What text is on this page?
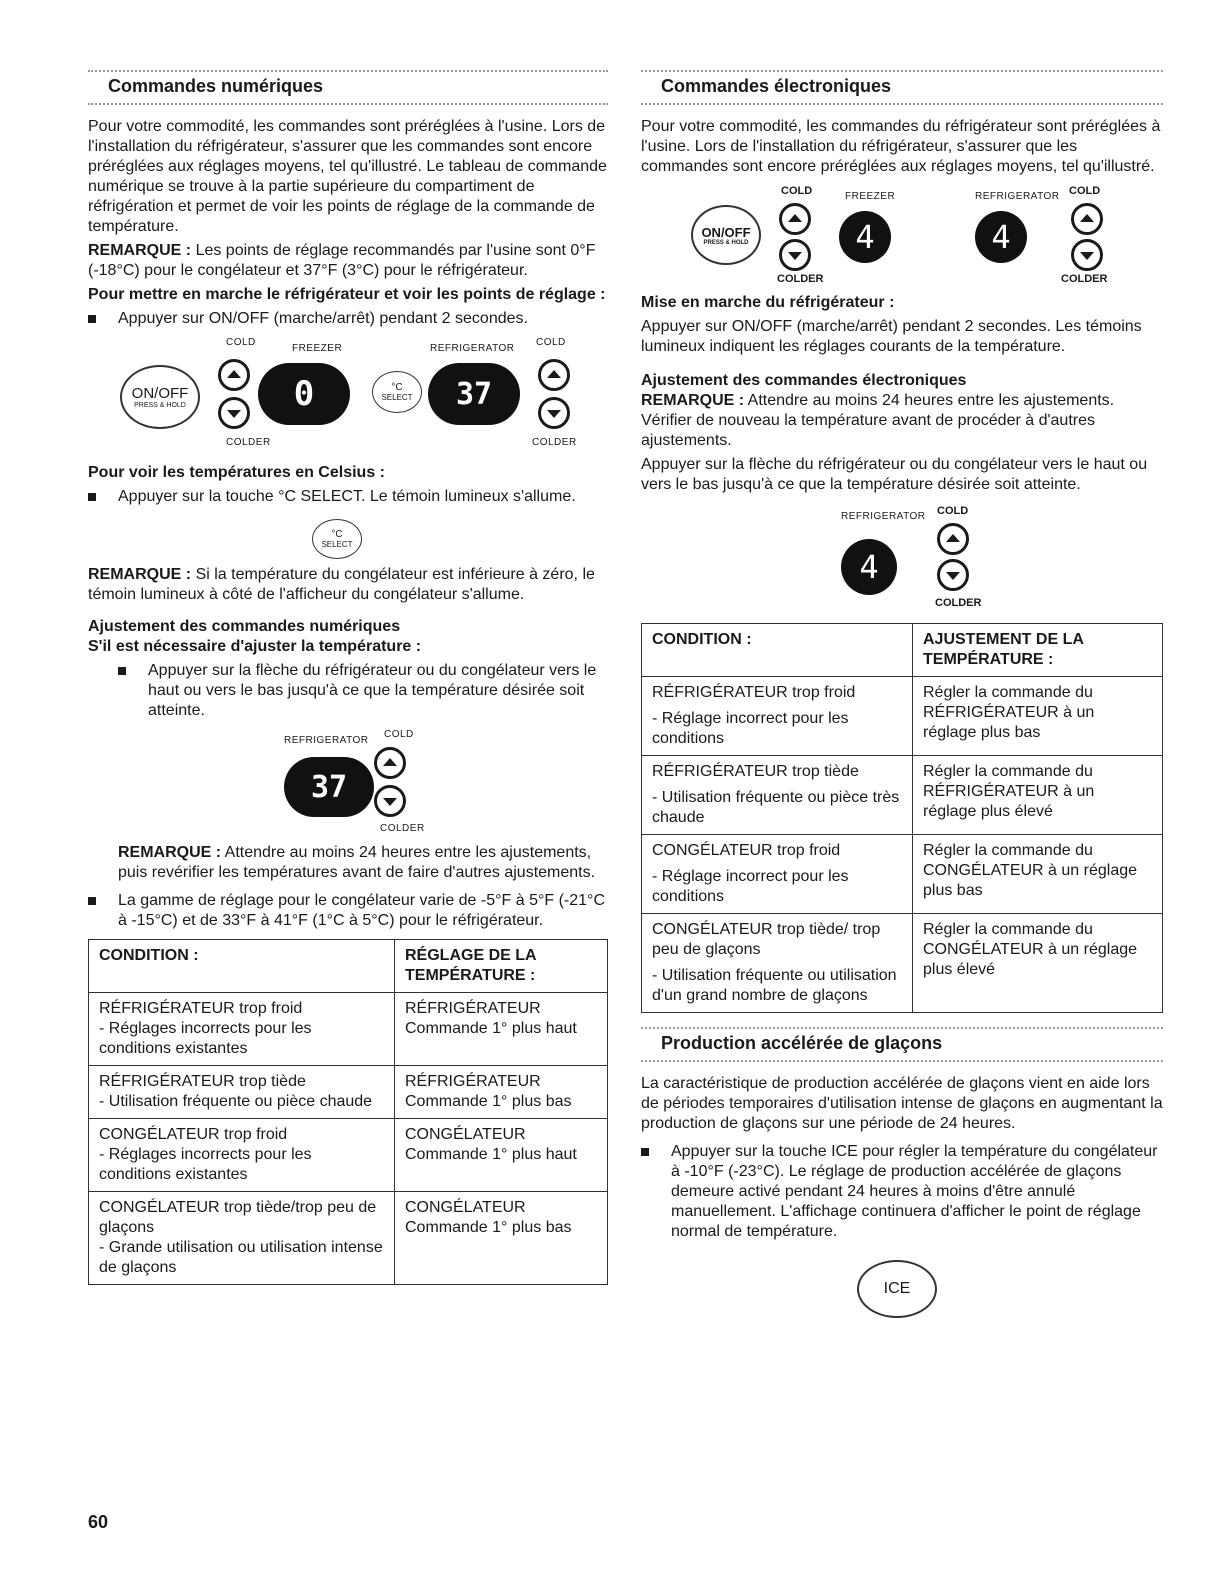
Commandes numériques

Pour votre commodité, les commandes sont préréglées à l'usine. Lors de l'installation du réfrigérateur, s'assurer que les commandes sont encore préréglées aux réglages moyens, tel qu'illustré. Le tableau de commande numérique se trouve à la partie supérieure du compartiment de réfrigération et permet de voir les points de réglage de la commande de température.

REMARQUE : Les points de réglage recommandés par l'usine sont 0°F (-18°C) pour le congélateur et 37°F (3°C) pour le réfrigérateur.

Pour mettre en marche le réfrigérateur et voir les points de réglage :
Appuyer sur ON/OFF (marche/arrêt) pendant 2 secondes.
COLD
FREEZER	REFRIGERATOR
COLD
ON/OFF
PRESS & HOLD	0	°C
SELECT	37
COLDER	COLDER
Pour voir les températures en Celsius :
Appuyer sur la touche °C SELECT. Le témoin lumineux s'allume.
°C
SELECT

REMARQUE : Si la température du congélateur est inférieure à zéro, le témoin lumineux à côté de l'afficheur du congélateur s'allume.

Ajustement des commandes numériques
S'il est nécessaire d'ajuster la température :
Appuyer sur la flèche du réfrigérateur ou du congélateur vers le haut ou vers le bas jusqu'à ce que la température désirée soit atteinte.
REFRIGERATOR
COLD
37
COLDER

REMARQUE : Attendre au moins 24 heures entre les ajustements, puis revérifier les températures avant de faire d'autres ajustements.

La gamme de réglage pour le congélateur varie de -5°F à 5°F (-21°C à -15°C) et de 33°F à 41°F (1°C à 5°C) pour le réfrigérateur.
CONDITION :	RÉGLAGE DE LA TEMPÉRATURE :

RÉFRIGÉRATEUR trop froid
- Réglages incorrects pour les conditions existantes	RÉFRIGÉRATEUR
Commande 1° plus haut

RÉFRIGÉRATEUR trop tiède
- Utilisation fréquente ou pièce chaude	RÉFRIGÉRATEUR
Commande 1° plus bas

CONGÉLATEUR trop froid
- Réglages incorrects pour les conditions existantes	CONGÉLATEUR
Commande 1° plus haut

CONGÉLATEUR trop tiède/trop peu de glaçons
- Grande utilisation ou utilisation intense de glaçons	CONGÉLATEUR
Commande 1° plus bas
Commandes électroniques

Pour votre commodité, les commandes du réfrigérateur sont préréglées à l'usine. Lors de l'installation du réfrigérateur, s'assurer que les commandes sont encore préréglées aux réglages moyens, tel qu'illustré.

COLD	FREEZER	REFRIGERATOR COLD
ON/OFF
PRESS & HOLD	4	4
COLDER	COLDER
Mise en marche du réfrigérateur :

Appuyer sur ON/OFF (marche/arrêt) pendant 2 secondes. Les témoins lumineux indiquent les réglages courants de la température.

Ajustement des commandes électroniques

REMARQUE : Attendre au moins 24 heures entre les ajustements. Vérifier de nouveau la température avant de procéder à d'autres ajustements.

Appuyer sur la flèche du réfrigérateur ou du congélateur vers le haut ou vers le bas jusqu'à ce que la température désirée soit atteinte.

REFRIGERATOR COLD
4
COLDER
CONDITION :	AJUSTEMENT DE LA TEMPÉRATURE :

RÉFRIGÉRATEUR trop froid
- Réglage incorrect pour les conditions	Régler la commande du RÉFRIGÉRATEUR à un réglage plus bas

RÉFRIGÉRATEUR trop tiède
- Utilisation fréquente ou pièce très chaude	Régler la commande du RÉFRIGÉRATEUR à un réglage plus élevé

CONGÉLATEUR trop froid
- Réglage incorrect pour les conditions	Régler la commande du CONGÉLATEUR à un réglage plus bas

CONGÉLATEUR trop tiède/ trop peu de glaçons
- Utilisation fréquente ou utilisation d'un grand nombre de glaçons	Régler la commande du CONGÉLATEUR à un réglage plus élevé
Production accélérée de glaçons

La caractéristique de production accélérée de glaçons vient en aide lors de périodes temporaires d'utilisation intense de glaçons en augmentant la production de glaçons sur une période de 24 heures.

Appuyer sur la touche ICE pour régler la température du congélateur à -10°F (-23°C). Le réglage de production accélérée de glaçons demeure activé pendant 24 heures à moins d'être annulé manuellement. L'affichage continuera d'afficher le point de réglage normal de température.
ICE
60
